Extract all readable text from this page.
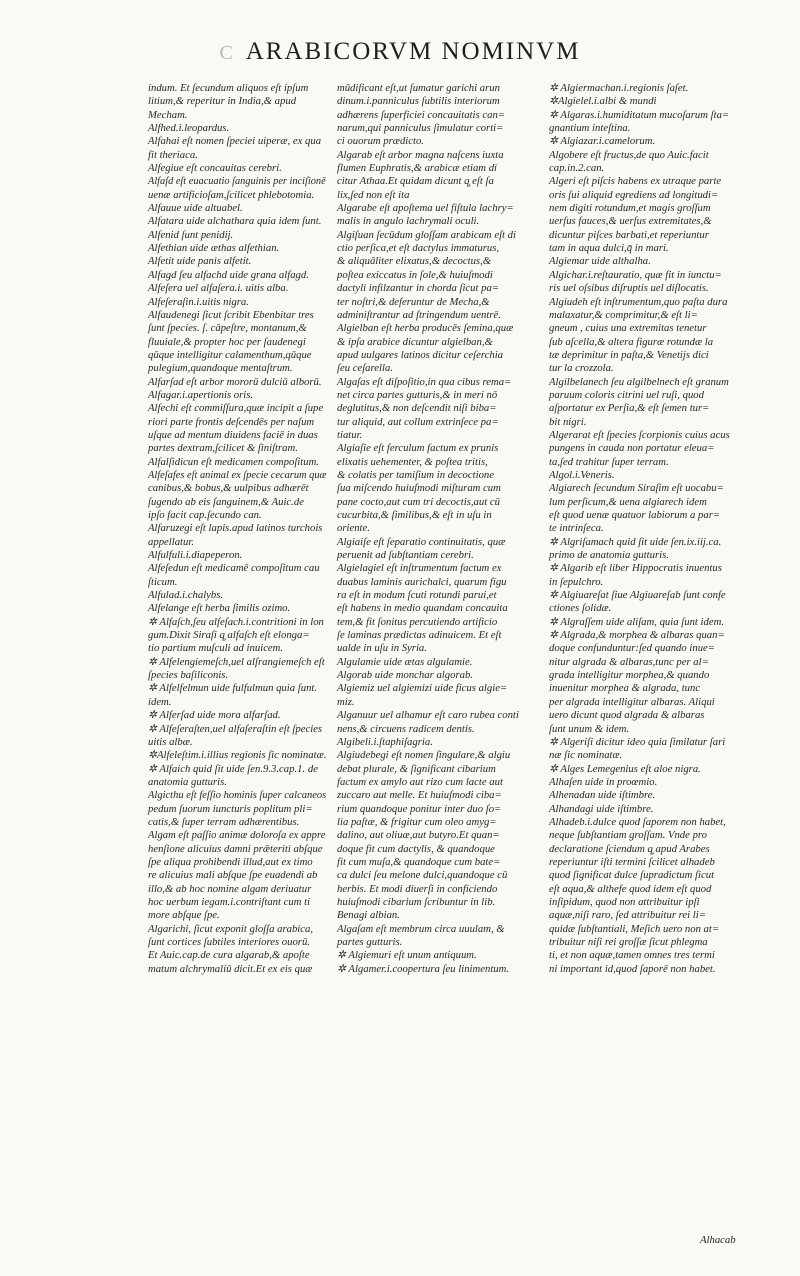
C ARABICORVM NOMINVM
indum. Et ſecundum aliquos eſt ipſum
litium,& reperitur in India,& apud
Mecham.
Alfhed.i.leopardus.
Alfahai eſt nomen ſpeciei uiperæ, ex qua
fit theriaca.
Alfegiue eſt concauitas cerebri.
Alfaſd eſt euacuatio ſanguinis per inciſionē
uenæ artificioſam,ſcilicet phlebotomia.
Alfauue uide altuabel.
Alfatara uide alchathara quia idem ſunt.
Alfenid ſunt penidij.
Alfethian uide æthas alfethian.
Alfetit uide panis alfetit.
Alfagd ſeu alfachd uide grana alfagd.
Alfeſera uel alfaſera.i. uitis alba.
Alfeſeraſin.i.uitis nigra.
Alfaudenegi ſicut ſcribit Ebenbitar tres
ſunt ſpecies. ſ. cāpeſtre, montanum,&
fluuiale,& propter hoc per ſaudenegi
qūque intelligitur calamenthum,qūque
pulegium,quandoque mentaſtrum.
Alfarſad eſt arbor mororū dulciū alborū.
Alfagar.i.apertionis oris.
Alfechi eſt commiſſura,quæ incipit a ſupe
riori parte frontis deſcendēs per naſum
uſque ad mentum diuidens faciē in duas
partes dextram,ſcilicet & ſiniſtram.
Alfalſidicun eſt medicamen compoſitum.
Alfeſafes eſt animal ex ſpecie cecarum quæ
canibus,& bobus,& uulpibus adhærēt
ſugendo ab eis ſanguinem,& Auic.de
ipſo facit cap.ſecundo can.
Alfaruzegi eſt lapis.apud latinos turchois
appellatur.
Alfulfuli.i.diapeperon.
Alfeſedun eſt medicamē compoſitum cau
ſticum.
Alfulad.i.chalybs.
Alfelange eſt herba ſimilis ozimo.
✲ Alfaſch,ſeu alfeſach.i.contritioni in lon
gum.Dixit Siraſi q̧ alfaſch eſt elonga=
tio partium muſculi ad inuicem.
✲ Alfelengiemeſch,uel alſrangiemeſch eſt
ſpecies baſiliconis.
✲ Alfelfelmun uide fulfulmun quia ſunt.
idem.
✲ Alferſad uide mora alfarſad.
✲ Alfeſeraſten,uel alfaſeraſtin eſt ſpecies
uitis albæ.
✲Alfeleſtim.i.illius regionis ſic nominatæ.
✲ Alfaich quid ſit uide ſen.9.3.cap.1. de
anatomia gutturis.
Algicthu eſt feſſio hominis ſuper calcaneos
pedum ſuorum iuncturis poplitum pli=
catis,& ſuper terram adhærentibus.
Algam eſt paſſio animæ doloroſa ex appre
henſione alicuius damni prǣteriti abſque
ſpe aliqua prohibendi illud,aut ex timo
re alicuius mali abſque ſpe euadendi ab
illo,& ab hoc nomine algam deriuatur
hoc uerbum iegam.i.contriſtant cum ti
more abſque ſpe.
Algarichi, ſicut exponit gloſſa arabica,
ſunt cortices ſubtiles interiores ouorū.
Et Auic.cap.de cura algarab,& apoſte
matum alchrymaliū dicit.Et ex eis quæ
mūdificant eſt,ut ſumatur garichi arun
dinum.i.panniculus ſubtilis interiorum
adhærens ſuperficiei concauitatis can=
narum,qui panniculus ſimulatur corti=
ci ouorum prædicto.
Algarab eſt arbor magna naſcens iuxta
flumen Euphratis,& arabicæ etiam di
citur Athaa.Et quidam dicunt q̧ eſt ſa
lix,ſed non eſt ita
Algarabe eſt apoſtema uel fiſtula lachry=
malis in angulo lachrymali oculi.
Algiſuan ſecūdum gloſſam arabicam eſt di
ctio perſica,et eſt dactylus immaturus,
& aliquāliter elixatus,& decoctus,&
poſtea exiccatus in ſole,& huiuſmodi
dactyli infilzantur in chorda ſicut pa=
ter noſtri,& deferuntur de Mecha,&
adminiſtrantur ad ſtringendum uentrē.
Algielban eſt herba producēs ſemina,quæ
& ipſa arabice dicuntur algielban,&
apud uulgares latinos dicitur ceſerchia
ſeu ceſarella.
Algaſas eſt diſpoſitio,in qua cibus rema=
net circa partes gutturis,& in meri nō
deglutitus,& non deſcendit niſi biba=
tur aliquid, aut collum extrinſece pa=
tiatur.
Algiaſie eſt ferculum factum ex prunis
elixatis uehementer, & poſtea tritis,
& colatis per tamiſium in decoctione
ſua miſcendo huiuſmodi miſturam cum
pane cocto,aut cum tri decoctis,aut cū
cucurbita,& ſimilibus,& eſt in uſu in
oriente.
Algiaiſe eſt ſeparatio continuitatis, quæ
peruenit ad ſubſtantiam cerebri.
Algielagiel eſt inſtrumentum factum ex
duabus laminis aurichalci, quarum figu
ra eſt in modum ſcuti rotundi parui,et
eſt habens in medio quandam concauita
tem,& fit ſonitus percutiendo artificio
ſe laminas prædictas adinuicem. Et eſt
ualde in uſu in Syria.
Algulamie uide ætas algulamie.
Algorab uide monchar algorab.
Algiemiz uel algiemizi uide ficus algie=
miz.
Alganuur uel alhamur eſt caro rubea conti
nens,& circuens radicem dentis.
Algibeli.i.ſtaphiſagria.
Algiudebegi eſt nomen ſingulare,& algiu
debat plurale, & ſignificant cibarium
factum ex amylo aut rizo cum lacte aut
zuccaro aut melle. Et huiuſmodi ciba=
rium quandoque ponitur inter duo ſo=
lia paſtæ, & frigitur cum oleo amyg=
dalino, aut oliuæ,aut butyro.Et quan=
doque fit cum dactylis, & quandoque
fit cum muſa,& quandoque cum bate=
ca dulci ſeu melone dulci,quandoque cū
herbis. Et modi diuerſi in conficiendo
huiuſmodi cibarium ſcribuntur in lib.
Benagi albian.
Algaſam eſt membrum circa uuulam, &
partes gutturis.
✲ Algiemuri eſt unum antiquum.
✲ Algamer.i.coopertura ſeu linimentum.
✲ Algiermachan.i.regionis ſaſet.
✲Algielel.i.albi & mundi
✲ Algaras.i.humiditatum mucoſarum ſta=
gnantium inteſtina.
✲ Algiazar.i.camelorum.
Algobere eſt fructus,de quo Auic.facit
cap.in.2.can.
Algeri eſt piſcis habens ex utraque parte
oris ſui aliquid egrediens ad longitudi=
nem digiti rotundum,et magis groſſum
uerſus fauces,& uerſus extremitates,&
dicuntur piſces barbati,et reperiuntur
tam in aqua dulci,q̄ in mari.
Algiemar uide althalha.
Algichar.i.reſtauratio, quæ fit in iunctu=
ris uel oſsibus diſruptis uel diſlocatis.
Algiudeh eſt inſtrumentum,quo paſta dura
malaxatur,& comprimitur,& eſt li=
gneum , cuius una extremitas tenetur
ſub aſcella,& altera figuræ rotundæ la
tæ deprimitur in paſta,& Venetijs dici
tur la crozzola.
Algilbelanech ſeu algilbelnech eſt granum
paruum coloris citrini uel ruſi, quod
aſportatur ex Perſia,& eſt ſemen tur=
bit nigri.
Algerarat eſt ſpecies ſcorpionis cuius acus
pungens in cauda non portatur eleua=
ta,ſed trahitur ſuper terram.
Algol.i.Veneris.
Algiarech ſecundum Siraſim eſt uocabu=
lum perſicum,& uena algiarech idem
eſt quod uenæ quatuor labiorum a par=
te intrinſeca.
✲ Algriſamach quid ſit uide ſen.ix.iij.ca.
primo de anatomia gutturis.
✲ Algarib eſt liber Hippocratis inuentus
in ſepulchro.
✲ Algiuareſat ſiue Algiuareſab ſunt confe
ctiones ſolidæ.
✲ Algraſſem uide aliſam, quia ſunt idem.
✲ Algrada,& morphea & albaras quan=
doque confunduntur:ſed quando inue=
nitur algrada & albaras,tunc per al=
grada intelligitur morphea,& quando
inuenitur morphea & algrada, tunc
per algrada intelligitur albaras. Aliqui
uero dicunt quod algrada & albaras
ſunt unum & idem.
✲ Algeriſi dicitur ideo quia ſimilatur ſari
næ ſic nominatæ.
✲ Alges Lemegenius eſt aloe nigra.
Alhaſen uide in proœmio.
Alhenadan uide iſtimbre.
Alhandagi uide iſtimbre.
Alhadeb.i.dulce quod ſaporem non habet,
neque ſubſtantiam groſſam. Vnde pro
declaratione ſciendum q̧ apud Arabes
reperiuntur iſti termini ſcilicet alhadeb
quod ſignificat dulce ſupradictum ſicut
eſt aqua,& althefe quod idem eſt quod
inſipidum, quod non attribuitur ipſi
aquæ,niſi raro, ſed attribuitur rei li=
quidæ ſubſtantiali, Meſich uero non at=
tribuitur niſi rei groſſæ ſicut phlegma
ti, et non aquæ,tamen omnes tres termi
ni important id,quod ſaporē non habet.
Alhacab
